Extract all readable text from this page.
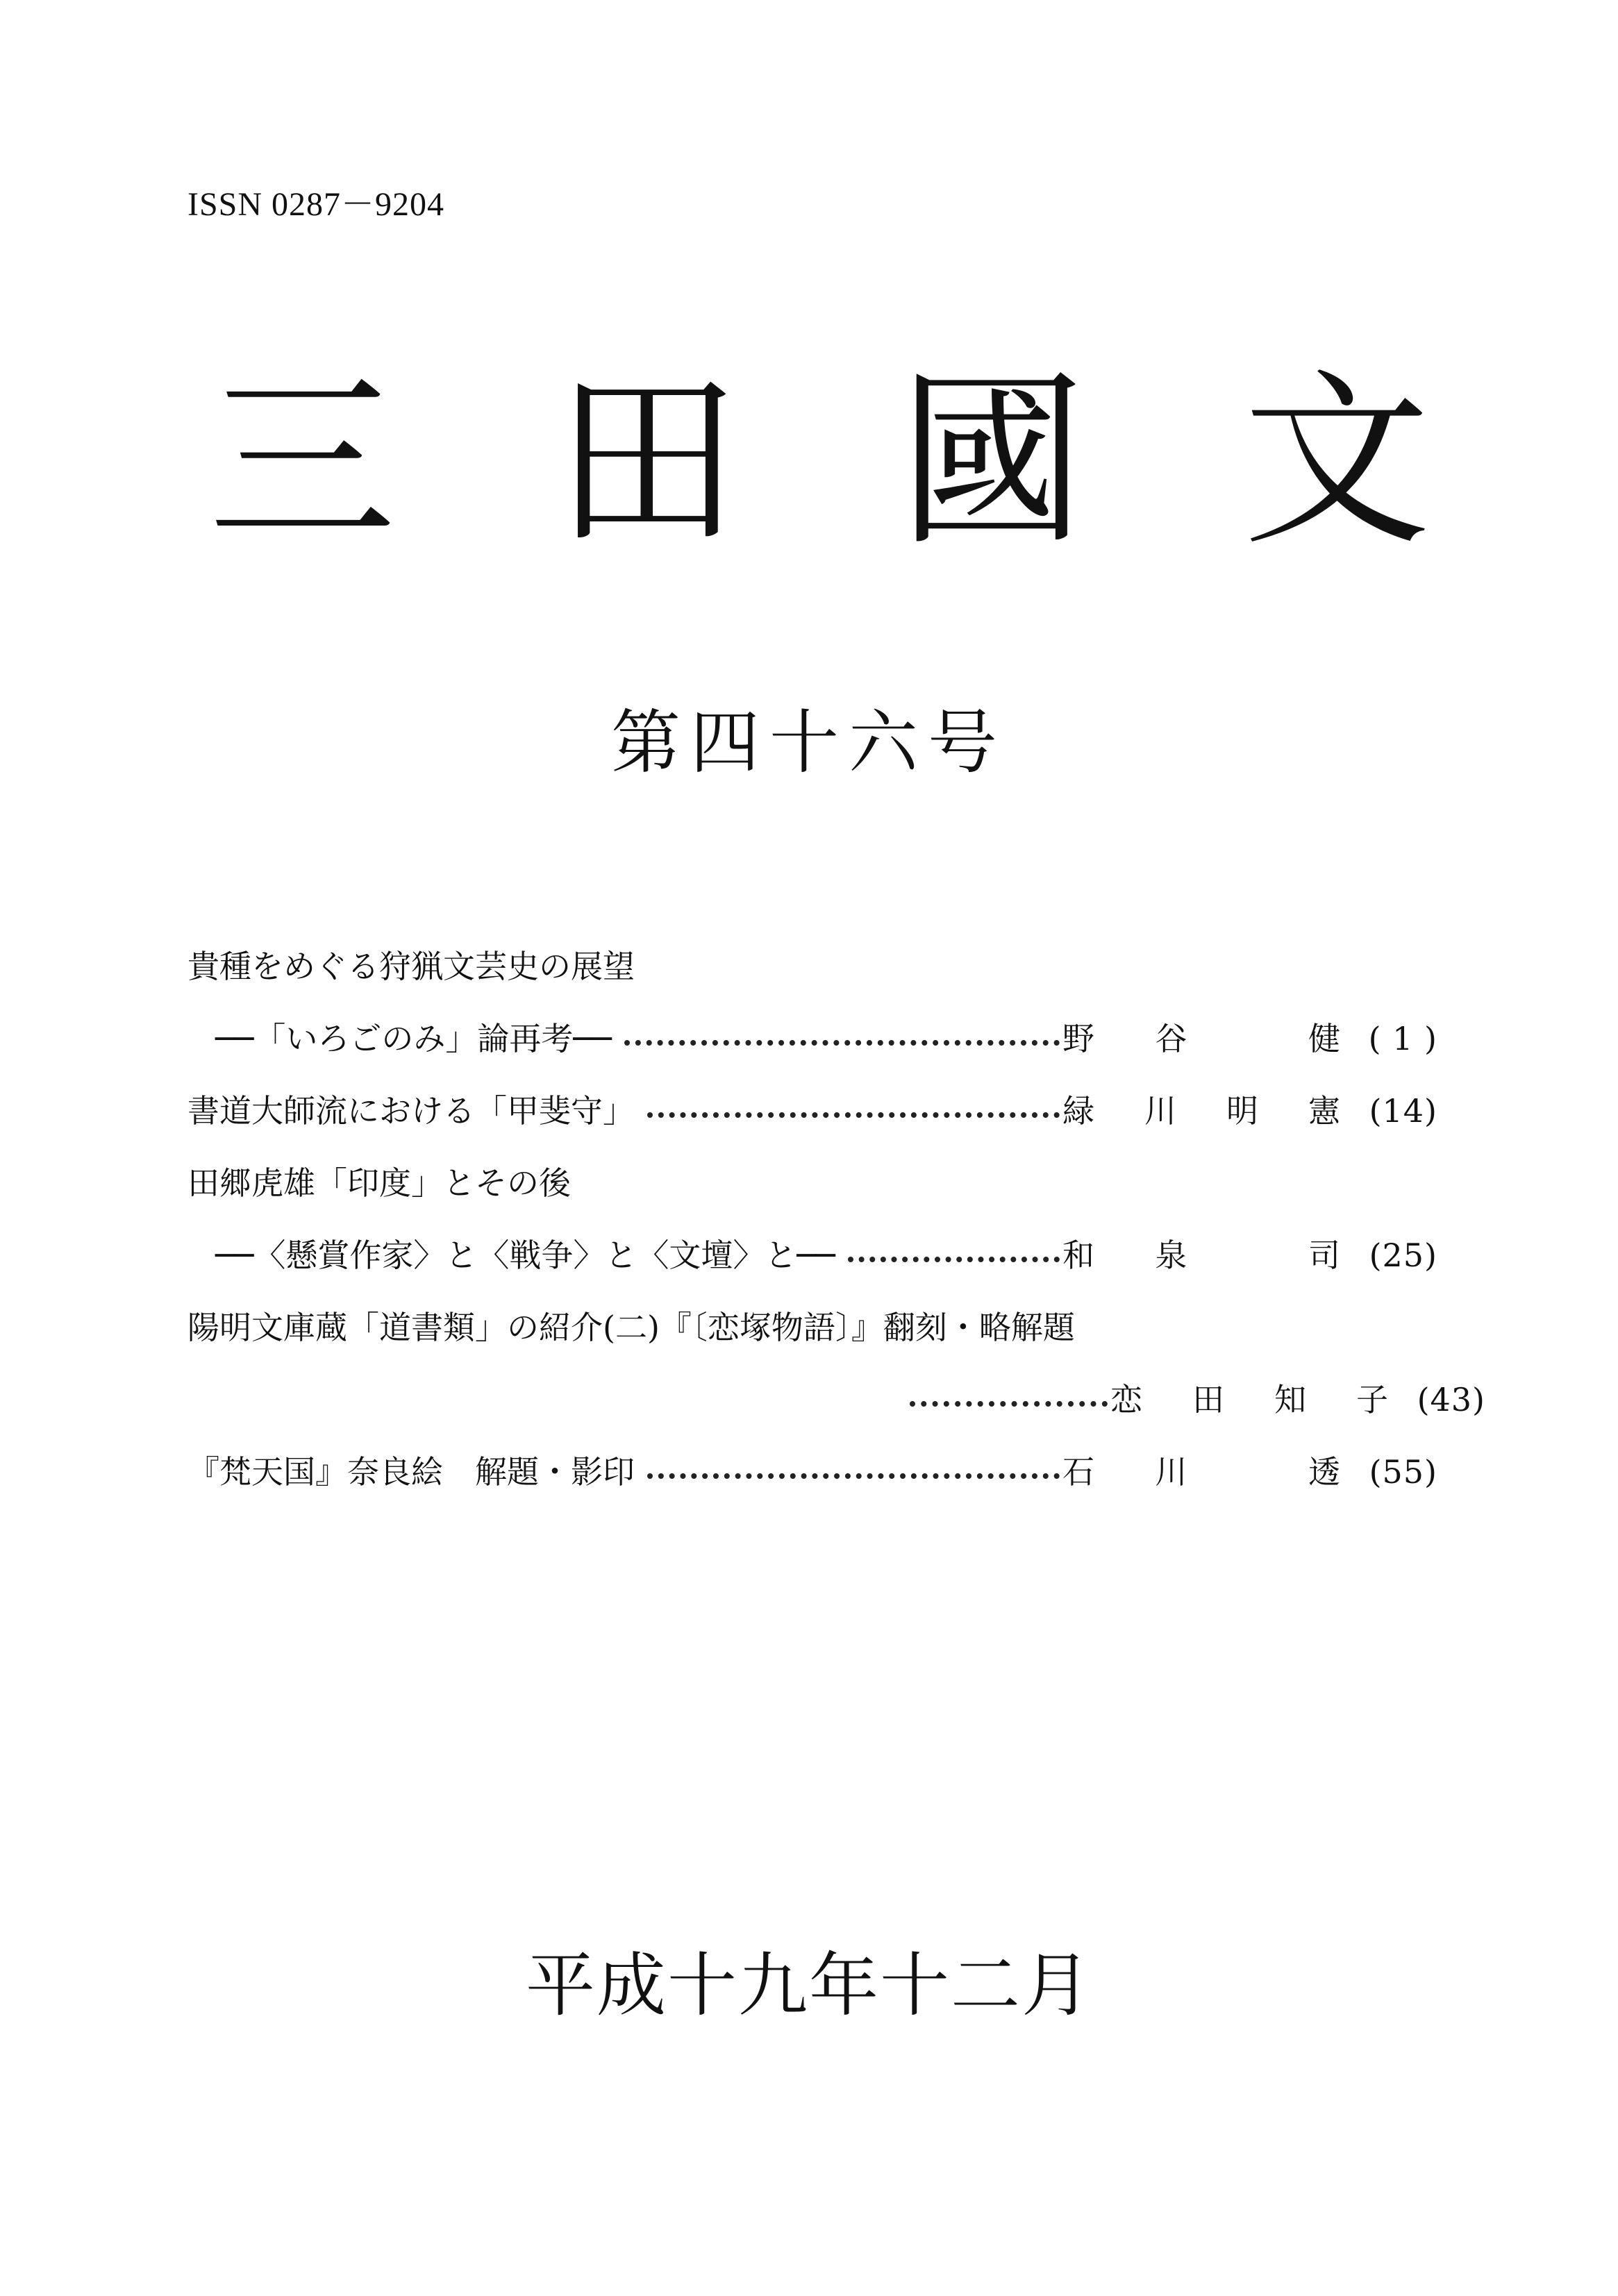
ISSN 0287－9204
三 田 國 文
第四十六号
貴種をめぐる狩猟文芸史の展望
──「いろごのみ」論再考──	野 谷	健 ( 1 )
書道大師流における「甲斐守」	緑 川 明 憲 (14)
田郷虎雄「印度」とその後
──〈懸賞作家〉と〈戦争〉と〈文壇〉と──	和 泉	司 (25)
陽明文庫蔵「道書類」の紹介(二)『〔恋塚物語〕』翻刻・略解題
恋 田 知 子 (43)
『梵天国』奈良絵　解題・影印	石 川	透 (55)
平成十九年十二月
